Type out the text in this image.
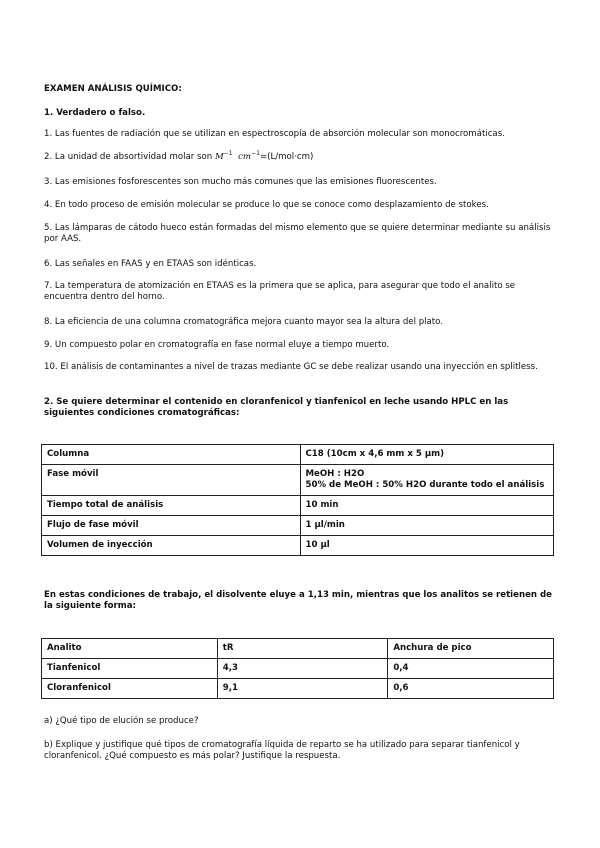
EXAMEN ANÁLISIS QUÍMICO:
1. Verdadero o falso.
1. Las fuentes de radiación que se utilizan en espectroscopía de absorción molecular son monocromáticas.
2. La unidad de absortividad molar son $M^{-1}$ $cm^{-1}=(L/mol\cdot cm)$
3. Las emisiones fosforescentes son mucho más comunes que las emisiones fluorescentes.
4. En todo proceso de emisión molecular se produce lo que se conoce como desplazamiento de stokes.
5. Las lámparas de cátodo hueco están formadas del mismo elemento que se quiere determinar mediante su análisis por AAS.
6. Las señales en FAAS y en ETAAS son idénticas.
7. La temperatura de atomización en ETAAS es la primera que se aplica, para asegurar que todo el analito se encuentra dentro del horno.
8. La eficiencia de una columna cromatográfica mejora cuanto mayor sea la altura del plato.
9. Un compuesto polar en cromatografía en fase normal eluye a tiempo muerto.
10. El análisis de contaminantes a nivel de trazas mediante GC se debe realizar usando una inyección en splitless.
2. Se quiere determinar el contenido en cloranfenicol y tianfenicol en leche usando HPLC en las siguientes condiciones cromatográficas:
Columna	C18 (10cm x 4,6 mm x 5 μm)
Fase móvil	MeOH : H2O
50% de MeOH : 50% H2O durante todo el análisis

Tiempo total de análisis	10 min
Flujo de fase móvil	1 μl/min
Volumen de inyección	10 μl
En estas condiciones de trabajo, el disolvente eluye a 1,13 min, mientras que los analitos se retienen de la siguiente forma:
Analito	tR	Anchura de pico
Tianfenicol	4,3	0,4
Cloranfenicol	9,1	0,6
a) ¿Qué tipo de elución se produce?
b) Explique y justifique qué tipos de cromatografía líquida de reparto se ha utilizado para separar tianfenicol y cloranfenicol. ¿Qué compuesto es más polar? Justifique la respuesta.
